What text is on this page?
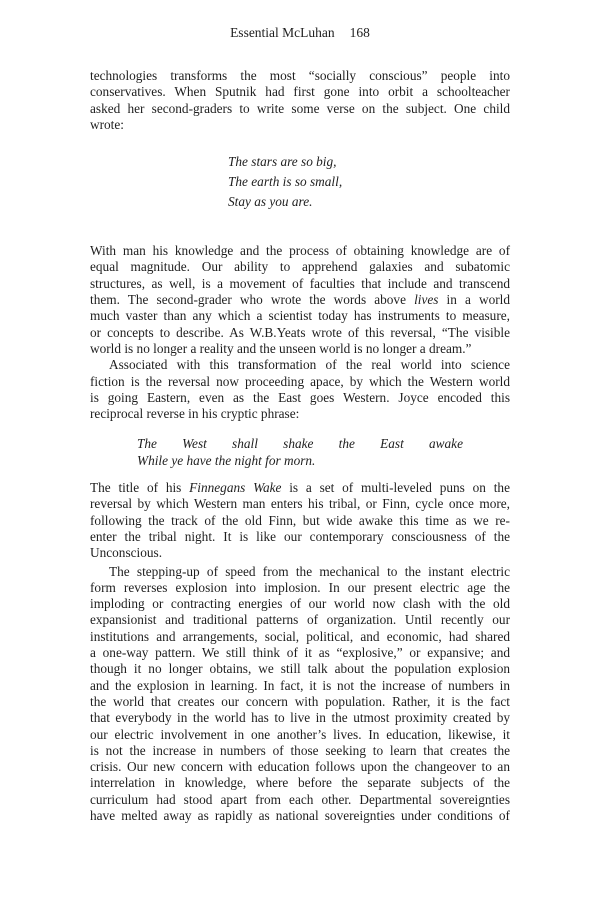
Essential McLuhan 168
technologies transforms the most “socially conscious” people into
conservatives. When Sputnik had first gone into orbit a schoolteacher
asked her second-graders to write some verse on the subject. One child
wrote:
The stars are so big,
The earth is so small,
Stay as you are.
With man his knowledge and the process of obtaining knowledge are of
equal magnitude. Our ability to apprehend galaxies and subatomic
structures, as well, is a movement of faculties that include and transcend
them. The second-grader who wrote the words above lives in a world
much vaster than any which a scientist today has instruments to measure,
or concepts to describe. As W.B.Yeats wrote of this reversal, “The visible
world is no longer a reality and the unseen world is no longer a dream.”
Associated with this transformation of the real world into science
fiction is the reversal now proceeding apace, by which the Western world
is going Eastern, even as the East goes Western. Joyce encoded this
reciprocal reverse in his cryptic phrase:
The West shall shake the East awake
While ye have the night for morn.
The title of his Finnegans Wake is a set of multi-leveled puns on the
reversal by which Western man enters his tribal, or Finn, cycle once more,
following the track of the old Finn, but wide awake this time as we re-
enter the tribal night. It is like our contemporary consciousness of the
Unconscious.
The stepping-up of speed from the mechanical to the instant electric
form reverses explosion into implosion. In our present electric age the
imploding or contracting energies of our world now clash with the old
expansionist and traditional patterns of organization. Until recently our
institutions and arrangements, social, political, and economic, had shared
a one-way pattern. We still think of it as “explosive,” or expansive; and
though it no longer obtains, we still talk about the population explosion
and the explosion in learning. In fact, it is not the increase of numbers in
the world that creates our concern with population. Rather, it is the fact
that everybody in the world has to live in the utmost proximity created by
our electric involvement in one another’s lives. In education, likewise, it
is not the increase in numbers of those seeking to learn that creates the
crisis. Our new concern with education follows upon the changeover to an
interrelation in knowledge, where before the separate subjects of the
curriculum had stood apart from each other. Departmental sovereignties
have melted away as rapidly as national sovereignties under conditions of
